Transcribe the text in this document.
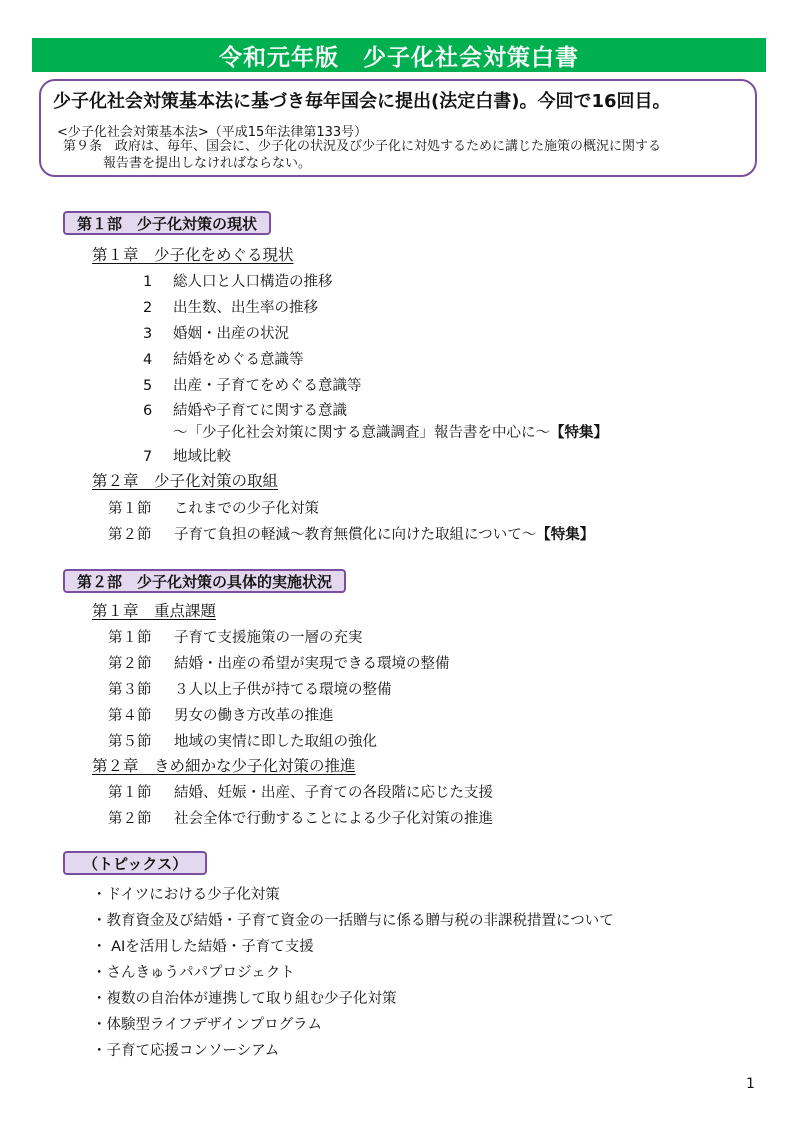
令和元年版　少子化社会対策白書
少子化社会対策基本法に基づき毎年国会に提出(法定白書)。今回で16回目。
<少子化社会対策基本法>（平成15年法律第133号）
第９条　政府は、毎年、国会に、少子化の状況及び少子化に対処するために講じた施策の概況に関する
報告書を提出しなければならない。
第１部　少子化対策の現状
第１章　少子化をめぐる現状
1 総人口と人口構造の推移
2 出生数、出生率の推移
3 婚姻・出産の状況
4 結婚をめぐる意識等
5 出産・子育てをめぐる意識等
6 結婚や子育てに関する意識
～「少子化社会対策に関する意識調査」報告書を中心に～【特集】
7 地域比較
第２章　少子化対策の取組
第１節 これまでの少子化対策
第２節 子育て負担の軽減～教育無償化に向けた取組について～【特集】
第２部　少子化対策の具体的実施状況
第１章　重点課題
第１節 子育て支援施策の一層の充実
第２節 結婚・出産の希望が実現できる環境の整備
第３節 ３人以上子供が持てる環境の整備
第４節 男女の働き方改革の推進
第５節 地域の実情に即した取組の強化
第２章　きめ細かな少子化対策の推進
第１節 結婚、妊娠・出産、子育ての各段階に応じた支援
第２節 社会全体で行動することによる少子化対策の推進
（トピックス）
・ドイツにおける少子化対策
・教育資金及び結婚・子育て資金の一括贈与に係る贈与税の非課税措置について
・ AIを活用した結婚・子育て支援
・さんきゅうパパプロジェクト
・複数の自治体が連携して取り組む少子化対策
・体験型ライフデザインプログラム
・子育て応援コンソーシアム
1
